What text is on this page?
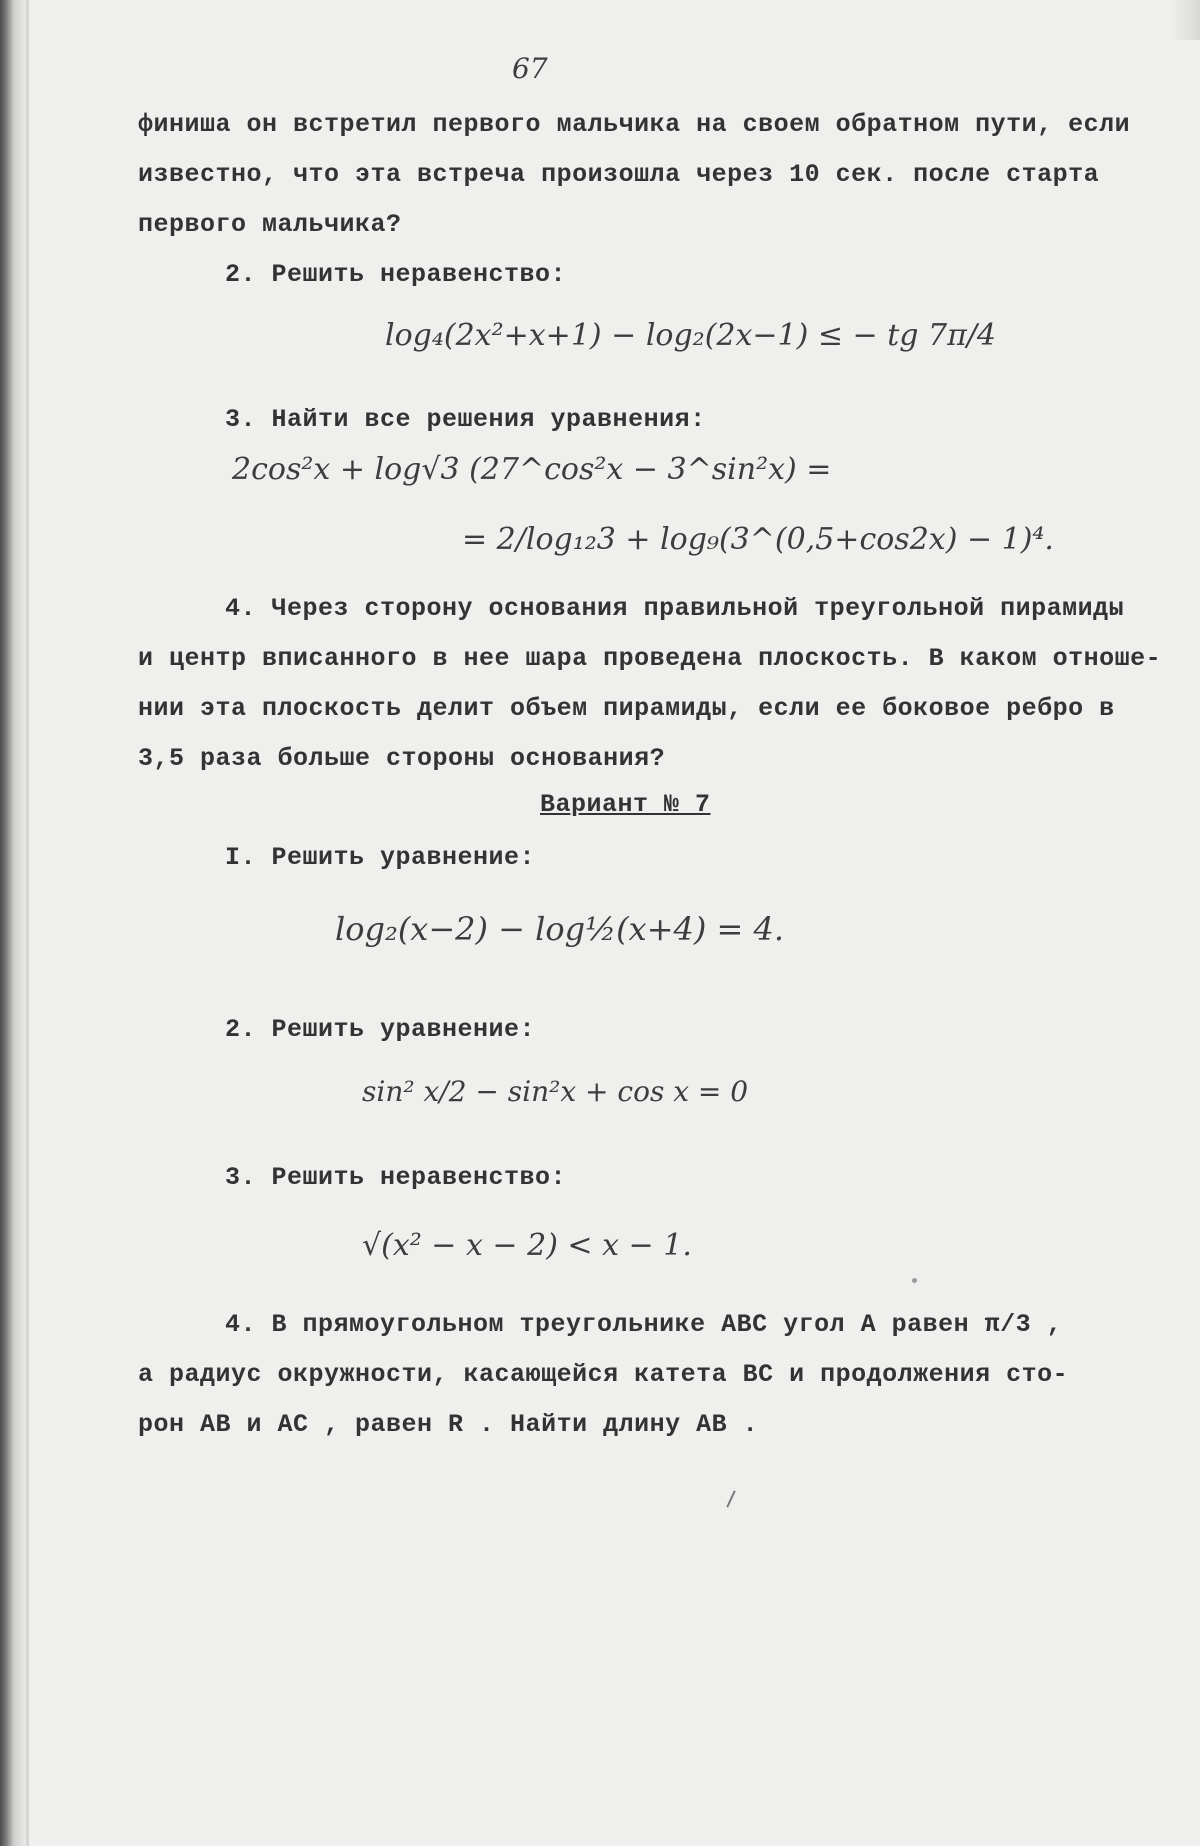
67
финиша он встретил первого мальчика на своем обратном пути, если
известно, что эта встреча произошла через 10 сек. после старта
первого мальчика?
2. Решить неравенство:
log₄(2x²+x+1) − log₂(2x−1) ≤ − tg 7π/4
3. Найти все решения уравнения:
2cos²x + log√3 (27^cos²x − 3^sin²x) =
= 2/log₁₂3 + log₉(3^(0,5+cos2x) − 1)⁴.
4. Через сторону основания правильной треугольной пирамиды
и центр вписанного в нее шара проведена плоскость. В каком отноше-
нии эта плоскость делит объем пирамиды, если ее боковое ребро в
3,5 раза больше стороны основания?
Вариант № 7
I. Решить уравнение:
log₂(x−2) − log½(x+4) = 4.
2. Решить уравнение:
sin² x/2 − sin²x + cos x = 0
3. Решить неравенство:
√(x² − x − 2) < x − 1.
4. В прямоугольном треугольнике ABC угол A равен π/3 ,
а радиус окружности, касающейся катета BC и продолжения сто-
рон AB и AC , равен R . Найти длину AB .
